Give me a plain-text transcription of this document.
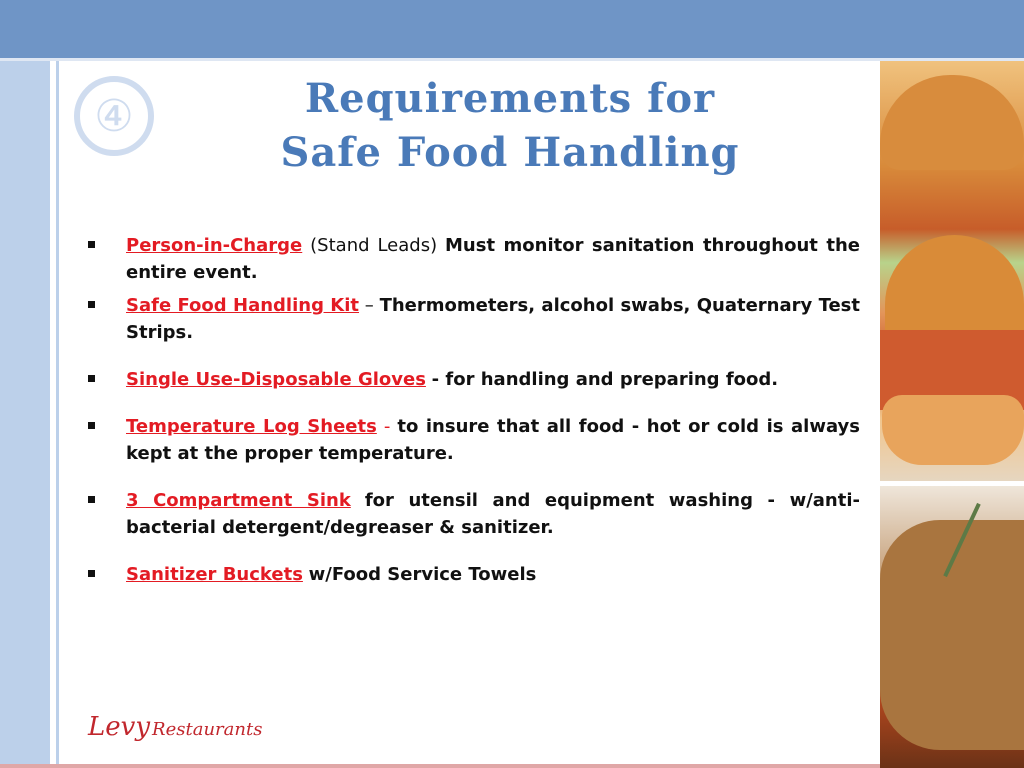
④	Requirements for
Safe Food Handling
Person-in-Charge (Stand Leads) Must monitor sanitation throughout the entire event.
Safe Food Handling Kit – Thermometers, alcohol swabs, Quaternary Test Strips.
Single Use-Disposable Gloves - for handling and preparing food.
Temperature Log Sheets - to insure that all food - hot or cold is always kept at the proper temperature.
3 Compartment Sink for utensil and equipment washing - w/anti-bacterial detergent/degreaser & sanitizer.
Sanitizer Buckets w/Food Service Towels
Levy Restaurants
